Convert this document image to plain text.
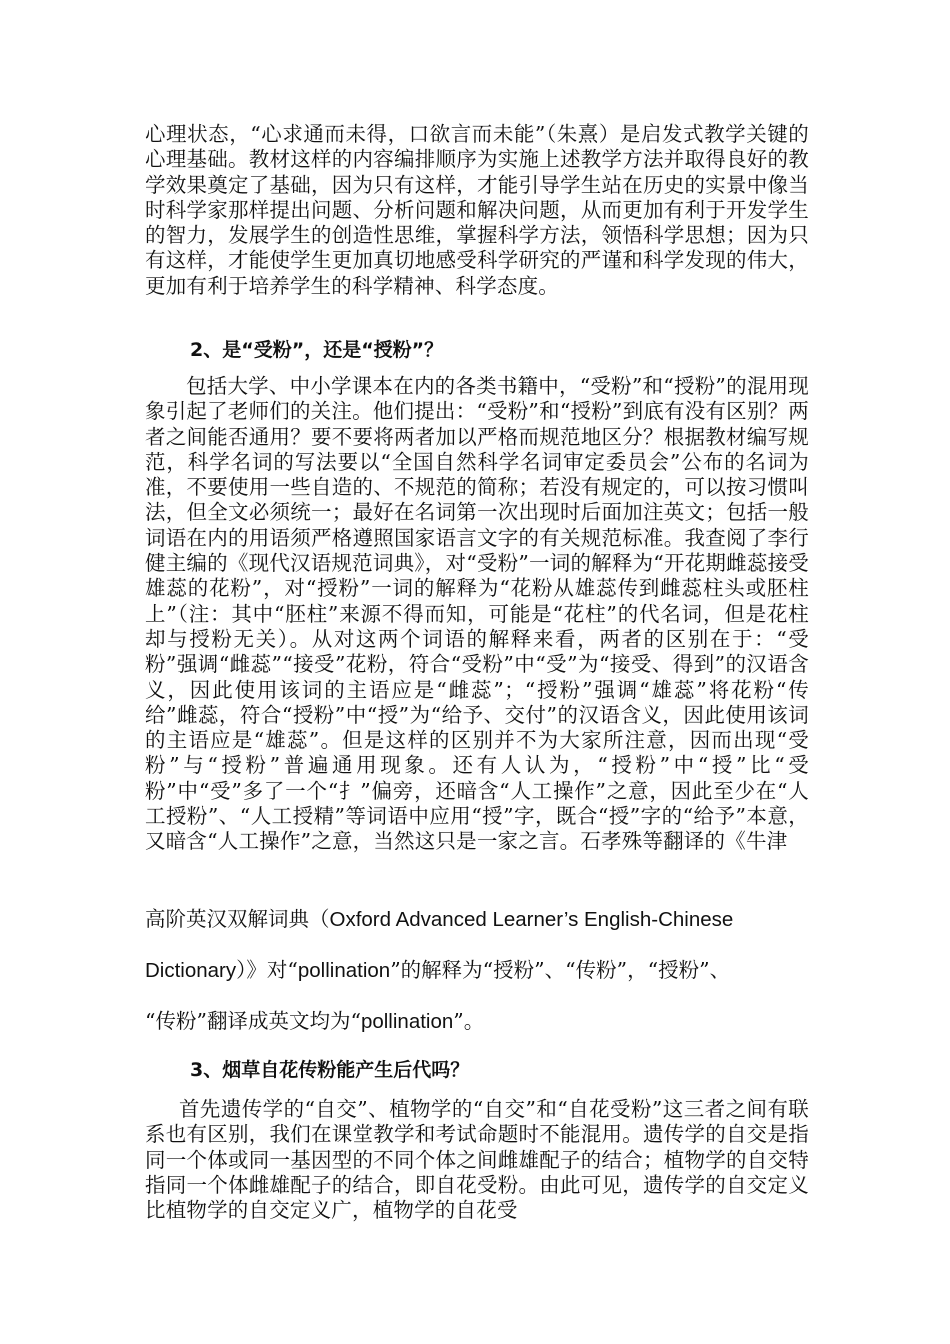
心理状态，“心求通而未得，口欲言而未能”（朱熹）是启发式教学关键的心理基础。教材这样的内容编排顺序为实施上述教学方法并取得良好的教学效果奠定了基础，因为只有这样，才能引导学生站在历史的实景中像当时科学家那样提出问题、分析问题和解决问题，从而更加有利于开发学生的智力，发展学生的创造性思维，掌握科学方法，领悟科学思想；因为只有这样，才能使学生更加真切地感受科学研究的严谨和科学发现的伟大，更加有利于培养学生的科学精神、科学态度。
2、是“受粉”，还是“授粉”？
包括大学、中小学课本在内的各类书籍中，“受粉”和“授粉”的混用现象引起了老师们的关注。他们提出：“受粉”和“授粉”到底有没有区别？两者之间能否通用？要不要将两者加以严格而规范地区分？根据教材编写规范，科学名词的写法要以“全国自然科学名词审定委员会”公布的名词为准，不要使用一些自造的、不规范的简称；若没有规定的，可以按习惯叫法，但全文必须统一；最好在名词第一次出现时后面加注英文；包括一般词语在内的用语须严格遵照国家语言文字的有关规范标准。我查阅了李行健主编的《现代汉语规范词典》，对“受粉”一词的解释为“开花期雌蕊接受雄蕊的花粉”，对“授粉”一词的解释为“花粉从雄蕊传到雌蕊柱头或胚柱上”（注：其中“胚柱”来源不得而知，可能是“花柱”的代名词，但是花柱却与授粉无关）。从对这两个词语的解释来看，两者的区别在于：“受粉”强调“雌蕊”“接受”花粉，符合“受粉”中“受”为“接受、得到”的汉语含义，因此使用该词的主语应是“雌蕊”；“授粉”强调“雄蕊”将花粉“传给”雌蕊，符合“授粉”中“授”为“给予、交付”的汉语含义，因此使用该词的主语应是“雄蕊”。但是这样的区别并不为大家所注意，因而出现“受粉”与“授粉”普遍通用现象。还有人认为，“授粉”中“授”比“受粉”中“受”多了一个“扌”偏旁，还暗含“人工操作”之意，因此至少在“人工授粉”、“人工授精”等词语中应用“授”字，既合“授”字的“给予”本意，又暗含“人工操作”之意，当然这只是一家之言。石孝殊等翻译的《牛津
高阶英汉双解词典（Oxford Advanced Learner’s English-Chinese
Dictionary）》对“pollination”的解释为“授粉”、“传粉”，“授粉”、
“传粉”翻译成英文均为“pollination”。
3、烟草自花传粉能产生后代吗？
首先遗传学的“自交”、植物学的“自交”和“自花受粉”这三者之间有联系也有区别，我们在课堂教学和考试命题时不能混用。遗传学的自交是指同一个体或同一基因型的不同个体之间雌雄配子的结合；植物学的自交特指同一个体雌雄配子的结合，即自花受粉。由此可见，遗传学的自交定义比植物学的自交定义广，植物学的自花受
